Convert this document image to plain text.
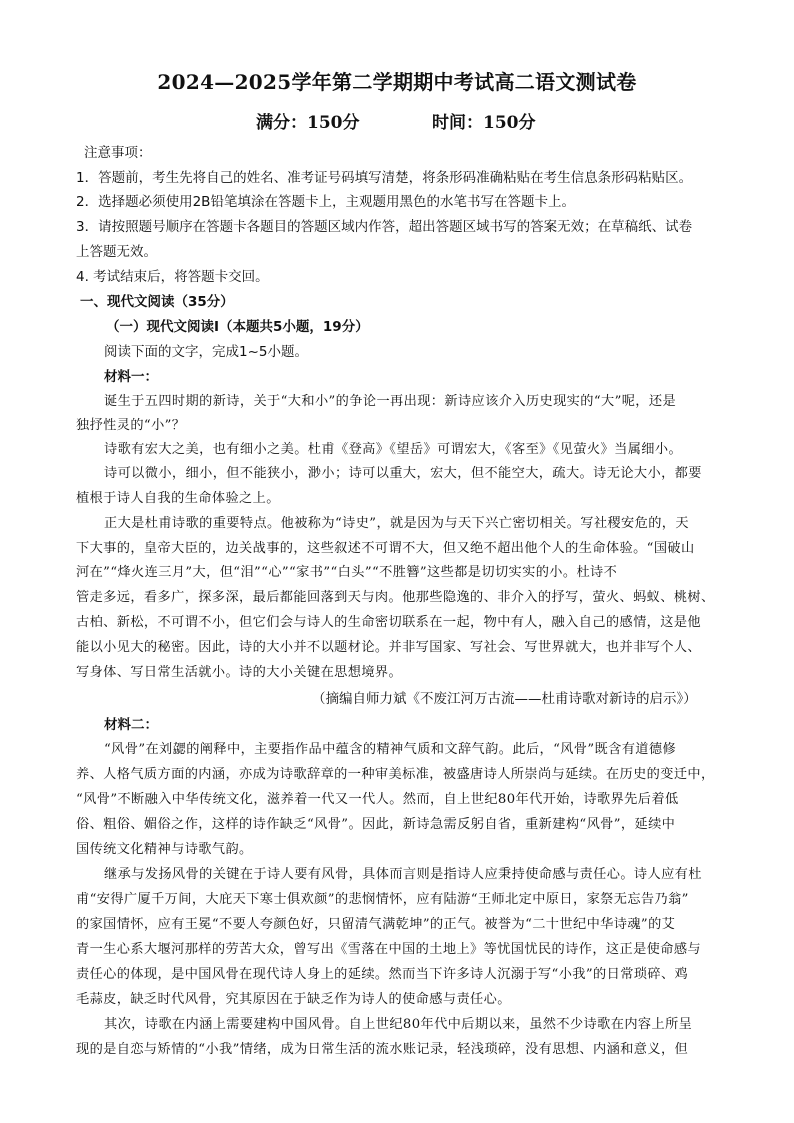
2024—2025学年第二学期期中考试高二语文测试卷
满分：150分	时间：150分
注意事项：
1．答题前，考生先将自己的姓名、准考证号码填写清楚，将条形码准确粘贴在考生信息条形码粘贴区。
2．选择题必须使用2B铅笔填涂在答题卡上，主观题用黑色的水笔书写在答题卡上。
3．请按照题号顺序在答题卡各题目的答题区域内作答，超出答题区域书写的答案无效；在草稿纸、试卷
上答题无效。
4. 考试结束后，将答题卡交回。
一、现代文阅读（35分）
（一）现代文阅读Ⅰ（本题共5小题，19分）
阅读下面的文字，完成1~5小题。
材料一：
诞生于五四时期的新诗，关于“大和小”的争论一再出现：新诗应该介入历史现实的“大”呢，还是
独抒性灵的“小”？
诗歌有宏大之美，也有细小之美。杜甫《登高》《望岳》可谓宏大，《客至》《见萤火》当属细小。
诗可以微小，细小，但不能狭小，渺小；诗可以重大，宏大，但不能空大，疏大。诗无论大小，都要
植根于诗人自我的生命体验之上。
正大是杜甫诗歌的重要特点。他被称为“诗史”，就是因为与天下兴亡密切相关。写社稷安危的，天
下大事的，皇帝大臣的，边关战事的，这些叙述不可谓不大，但又绝不超出他个人的生命体验。“国破山
河在”“烽火连三月”大，但“泪”“心”“家书”“白头”“不胜簪”这些都是切切实实的小。杜诗不
管走多远，看多广，探多深，最后都能回落到天与肉。他那些隐逸的、非介入的抒写，萤火、蚂蚁、桃树、
古柏、新松，不可谓不小，但它们会与诗人的生命密切联系在一起，物中有人，融入自己的感情，这是他
能以小见大的秘密。因此，诗的大小并不以题材论。并非写国家、写社会、写世界就大，也并非写个人、
写身体、写日常生活就小。诗的大小关键在思想境界。
（摘编自师力斌《不废江河万古流——杜甫诗歌对新诗的启示》）
材料二：
“风骨”在刘勰的阐释中，主要指作品中蕴含的精神气质和文辞气韵。此后，“风骨”既含有道德修
养、人格气质方面的内涵，亦成为诗歌辞章的一种审美标准，被盛唐诗人所崇尚与延续。在历史的变迁中，
“风骨”不断融入中华传统文化，滋养着一代又一代人。然而，自上世纪80年代开始，诗歌界先后着低
俗、粗俗、媚俗之作，这样的诗作缺乏“风骨”。因此，新诗急需反躬自省，重新建构“风骨”，延续中
国传统文化精神与诗歌气韵。
继承与发扬风骨的关键在于诗人要有风骨，具体而言则是指诗人应秉持使命感与责任心。诗人应有杜
甫“安得广厦千万间，大庇天下寒士俱欢颜”的悲悯情怀，应有陆游“王师北定中原日，家祭无忘告乃翁”
的家国情怀，应有王冕“不要人夸颜色好，只留清气满乾坤”的正气。被誉为“二十世纪中华诗魂”的艾
青一生心系大堰河那样的劳苦大众，曾写出《雪落在中国的土地上》等忧国忧民的诗作，这正是使命感与
责任心的体现，是中国风骨在现代诗人身上的延续。然而当下许多诗人沉溺于写“小我”的日常琐碎、鸡
毛蒜皮，缺乏时代风骨，究其原因在于缺乏作为诗人的使命感与责任心。
其次，诗歌在内涵上需要建构中国风骨。自上世纪80年代中后期以来，虽然不少诗歌在内容上所呈
现的是自恋与矫情的“小我”情绪，成为日常生活的流水账记录，轻浅琐碎，没有思想、内涵和意义，但
